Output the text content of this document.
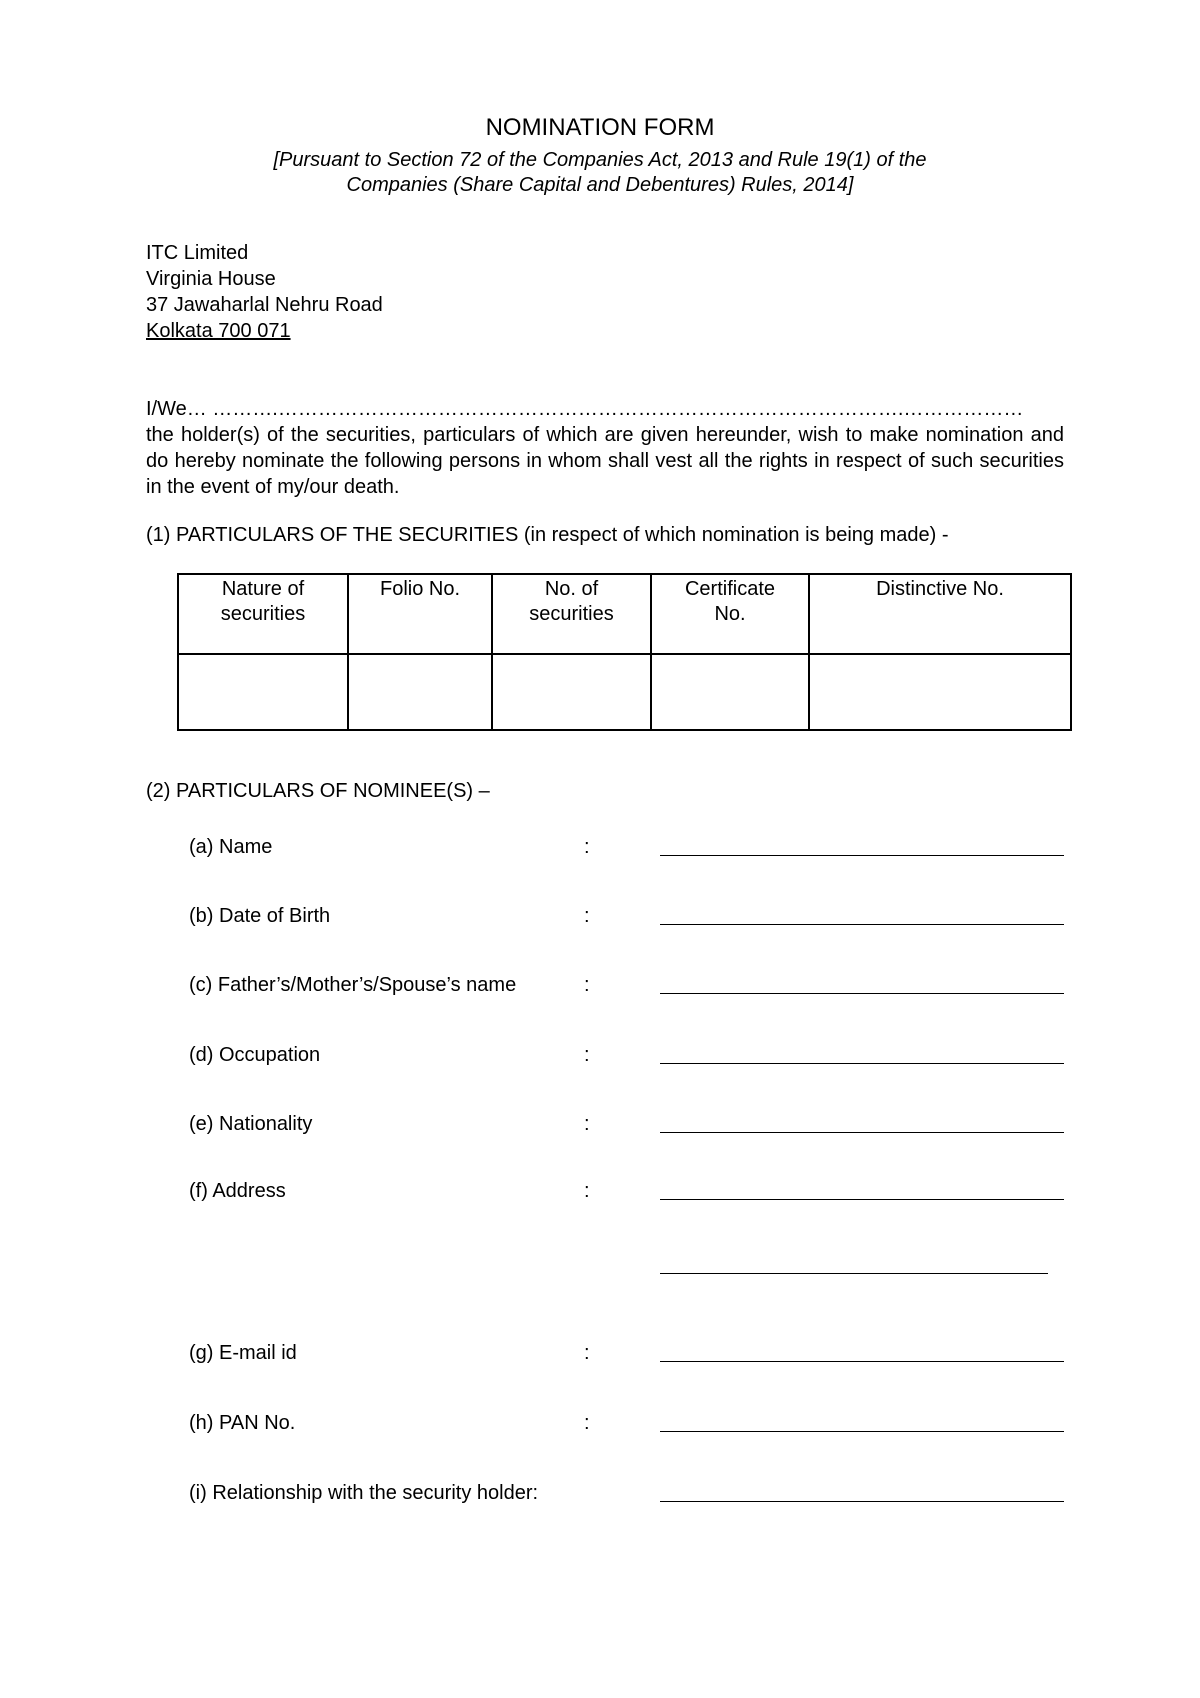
NOMINATION FORM
[Pursuant to Section 72 of the Companies Act, 2013 and Rule 19(1) of the
Companies (Share Capital and Debentures) Rules, 2014]
ITC Limited
Virginia House
37 Jawaharlal Nehru Road
Kolkata 700 071
I/We… ……….………………………………………………………………………………….………………
the holder(s) of the securities, particulars of which are given hereunder, wish to make nomination and do hereby nominate the following persons in whom shall vest all the rights in respect of such securities in the event of my/our death.
(1) PARTICULARS OF THE SECURITIES (in respect of which nomination is being made) -
Nature of securities	Folio No.	No. of securities	Certificate No.	Distinctive No.

(2) PARTICULARS OF NOMINEE(S) –
(a) Name	:
(b) Date of Birth	:
(c) Father’s/Mother’s/Spouse’s name	:
(d) Occupation	:
(e) Nationality	:
(f) Address	:
(g) E-mail id	:
(h) PAN No.	:
(i) Relationship with the security holder:
